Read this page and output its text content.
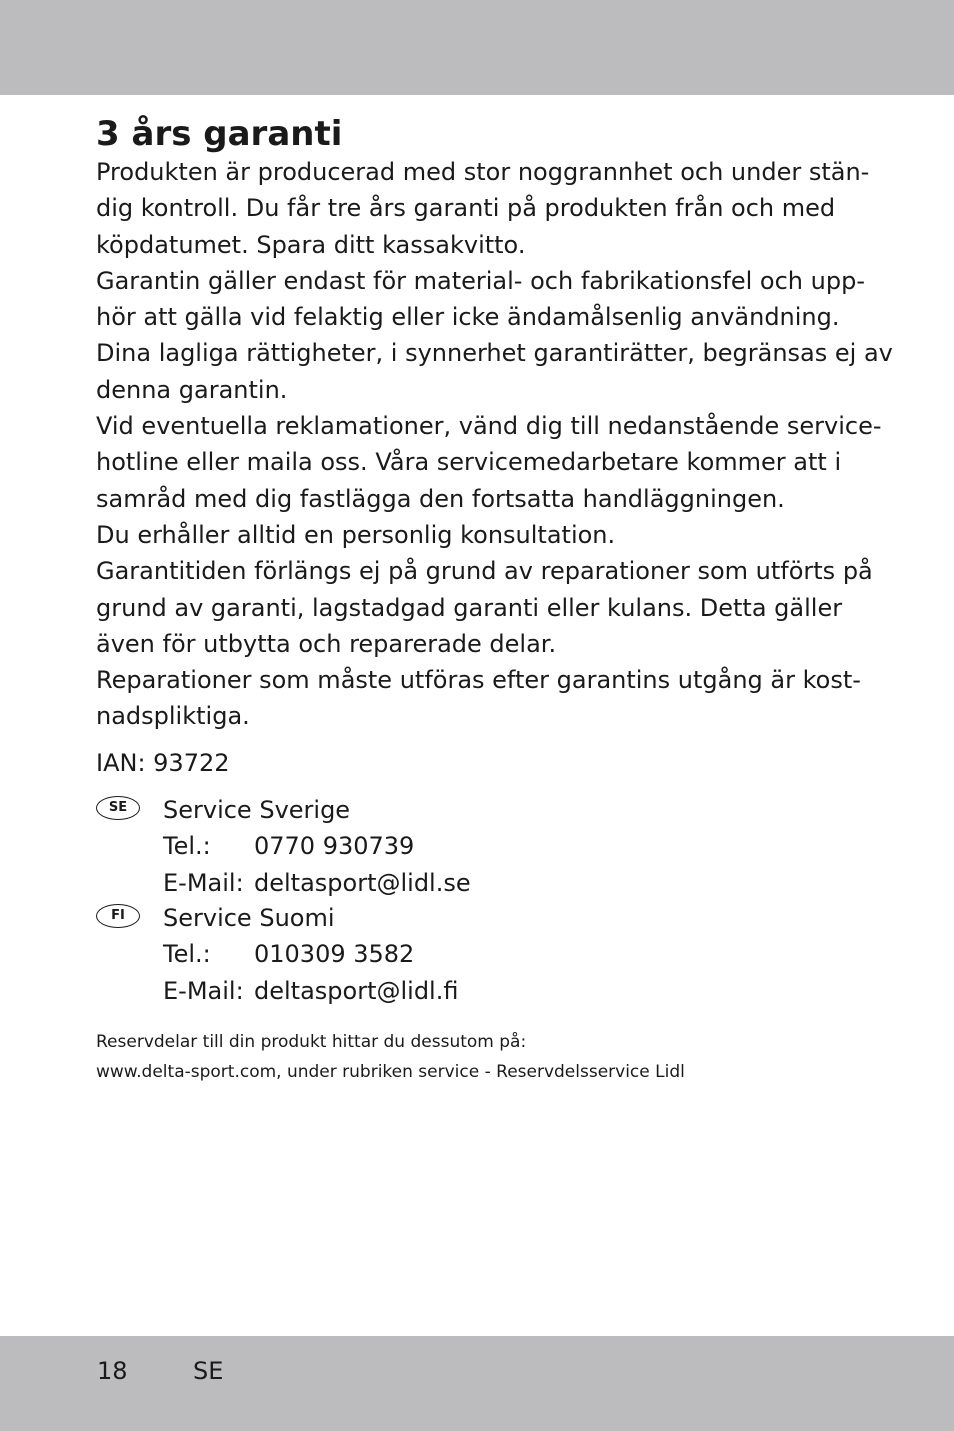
3 års garanti
Produkten är producerad med stor noggrannhet och under stän-
dig kontroll. Du får tre års garanti på produkten från och med
köpdatumet. Spara ditt kassakvitto.
Garantin gäller endast för material- och fabrikationsfel och upp-
hör att gälla vid felaktig eller icke ändamålsenlig användning.
Dina lagliga rättigheter, i synnerhet garantirätter, begränsas ej av
denna garantin.
Vid eventuella reklamationer, vänd dig till nedanstående service-
hotline eller maila oss. Våra servicemedarbetare kommer att i
samråd med dig fastlägga den fortsatta handläggningen.
Du erhåller alltid en personlig konsultation.
Garantitiden förlängs ej på grund av reparationer som utförts på
grund av garanti, lagstadgad garanti eller kulans. Detta gäller
även för utbytta och reparerade delar.
Reparationer som måste utföras efter garantins utgång är kost-
nadspliktiga.
IAN: 93722
SE	Service Sverige
Tel.: 0770 930739
E-Mail: deltasport@lidl.se
FI	Service Suomi
Tel.: 010309 3582
E-Mail: deltasport@lidl.fi
Reservdelar till din produkt hittar du dessutom på:
www.delta-sport.com, under rubriken service - Reservdelsservice Lidl
18	SE
